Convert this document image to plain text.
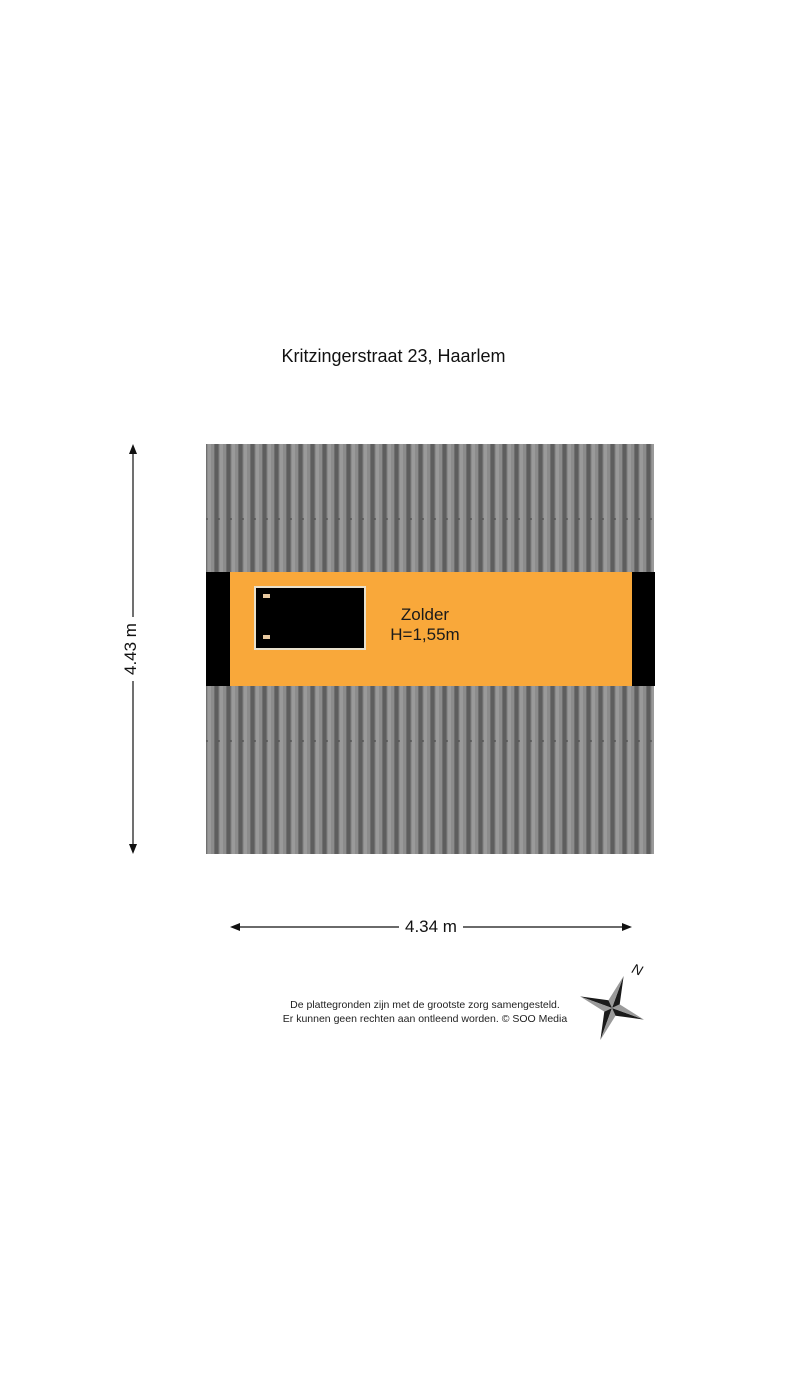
Kritzingerstraat 23, Haarlem
Zolder
H=1,55m
4.34 m
4.43 m
De plattegronden zijn met de grootste zorg samengesteld.
Er kunnen geen rechten aan ontleend worden. © SOO Media
N
